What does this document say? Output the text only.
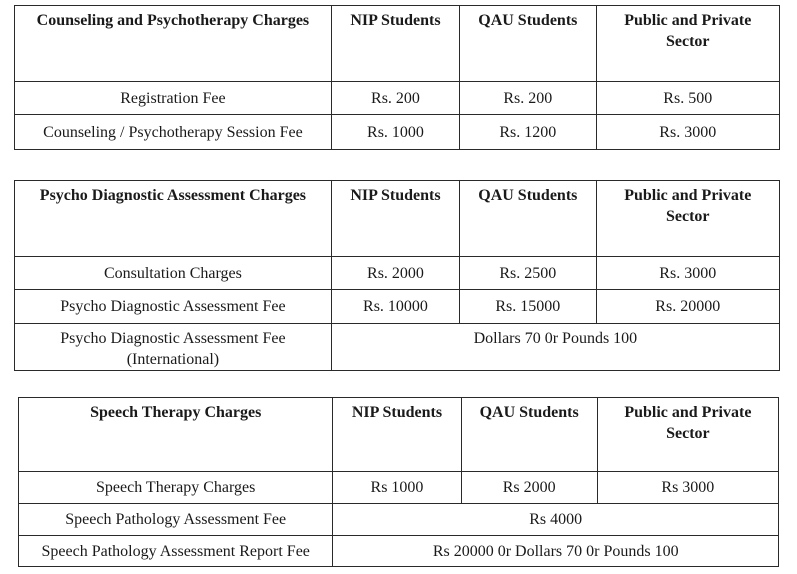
Counseling and Psychotherapy Charges	NIP Students	QAU Students	Public and Private Sector
Registration Fee	Rs. 200	Rs. 200	Rs. 500
Counseling / Psychotherapy Session Fee	Rs. 1000	Rs. 1200	Rs. 3000
Psycho Diagnostic Assessment Charges	NIP Students	QAU Students	Public and Private Sector
Consultation Charges	Rs. 2000	Rs. 2500	Rs. 3000
Psycho Diagnostic Assessment Fee	Rs. 10000	Rs. 15000	Rs. 20000
Psycho Diagnostic Assessment Fee (International)	Dollars 70 0r Pounds 100		
Speech Therapy Charges	NIP Students	QAU Students	Public and Private Sector
Speech Therapy Charges	Rs 1000	Rs 2000	Rs 3000
Speech Pathology Assessment Fee	Rs 4000		
Speech Pathology Assessment Report Fee	Rs 20000 0r Dollars 70 0r Pounds 100		
